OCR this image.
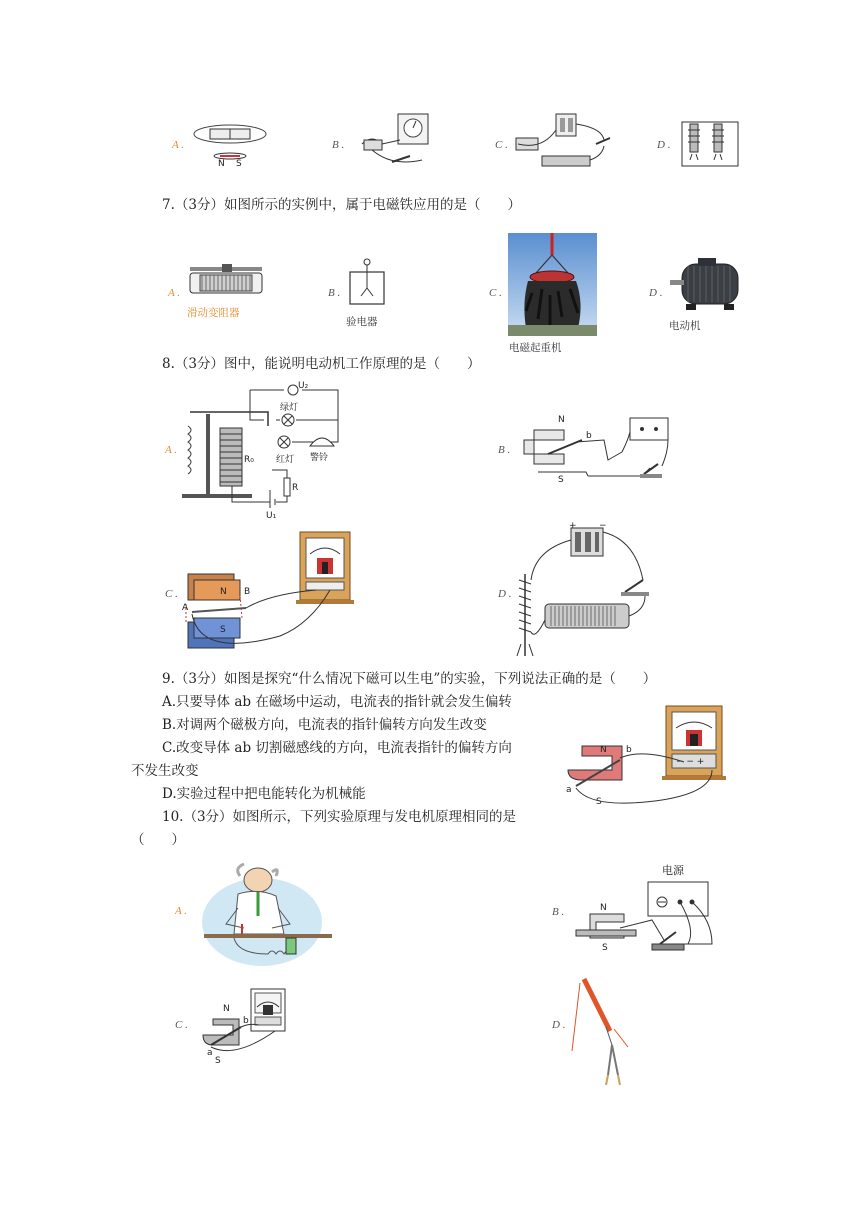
A .
N S
B .	C .	D .
7.（3分）如图所示的实例中，属于电磁铁应用的是（　　）
A .
滑动变阻器
B .
验电器
C .
电磁起重机
D .
电动机
8.（3分）图中，能说明电动机工作原理的是（　　）
A .
U₂
绿灯
红灯 警铃
R₀
R
U₁
B .
N
S
b
C .	N
S
A
B	D .
+ −
9.（3分）如图是探究“什么情况下磁可以生电”的实验，下列说法正确的是（　　）
A.只要导体 ab 在磁场中运动，电流表的指针就会发生偏转
B.对调两个磁极方向，电流表的指针偏转方向发生改变
C.改变导体 ab 切割磁感线的方向，电流表指针的偏转方向
不发生改变
D.实验过程中把电能转化为机械能
− − +
N
S
a
b
10.（3分）如图所示，下列实验原理与发电机原理相同的是
（　　）
A .	B .
电源
N
S
C .
N
S
a
b	D .
